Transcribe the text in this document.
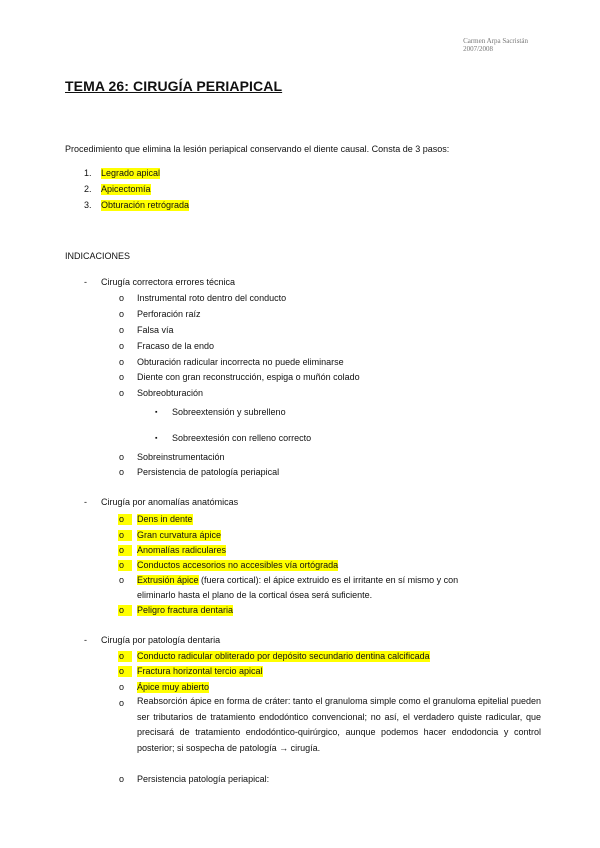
Carmen Arpa Sacristán
2007/2008
TEMA 26: CIRUGÍA PERIAPICAL
Procedimiento que elimina la lesión periapical conservando el diente causal. Consta de 3 pasos:
1. Legrado apical
2. Apicectomía
3. Obturación retrógrada
INDICACIONES
- Cirugía correctora errores técnica
o Instrumental roto dentro del conducto
o Perforación raíz
o Falsa vía
o Fracaso de la endo
o Obturación radicular incorrecta no puede eliminarse
o Diente con gran reconstrucción, espiga o muñón colado
o Sobreobturación
▪ Sobreextensión y subrelleno
▪ Sobreextesión con relleno correcto
o Sobreinstrumentación
o Persistencia de patología periapical
- Cirugía por anomalías anatómicas
o	Dens in dente
o	Gran curvatura ápice
o	Anomalías radiculares
o	Conductos accesorios no accesibles vía ortógrada
o Extrusión ápice (fuera cortical): el ápice extruido es el irritante en sí mismo y con
eliminarlo hasta el plano de la cortical ósea será suficiente.
o	Peligro fractura dentaria
- Cirugía por patología dentaria
o	Conducto radicular obliterado por depósito secundario dentina calcificada
o	Fractura horizontal tercio apical
o Ápice muy abierto
o Reabsorción ápice en forma de cráter: tanto el granuloma simple como el granuloma epitelial pueden ser tributarios de tratamiento endodóntico convencional; no así, el verdadero quiste radicular, que precisará de tratamiento endodóntico-quirúrgico, aunque podemos hacer endodoncia y control posterior; si sospecha de patología → cirugía.
o Persistencia patología periapical:
